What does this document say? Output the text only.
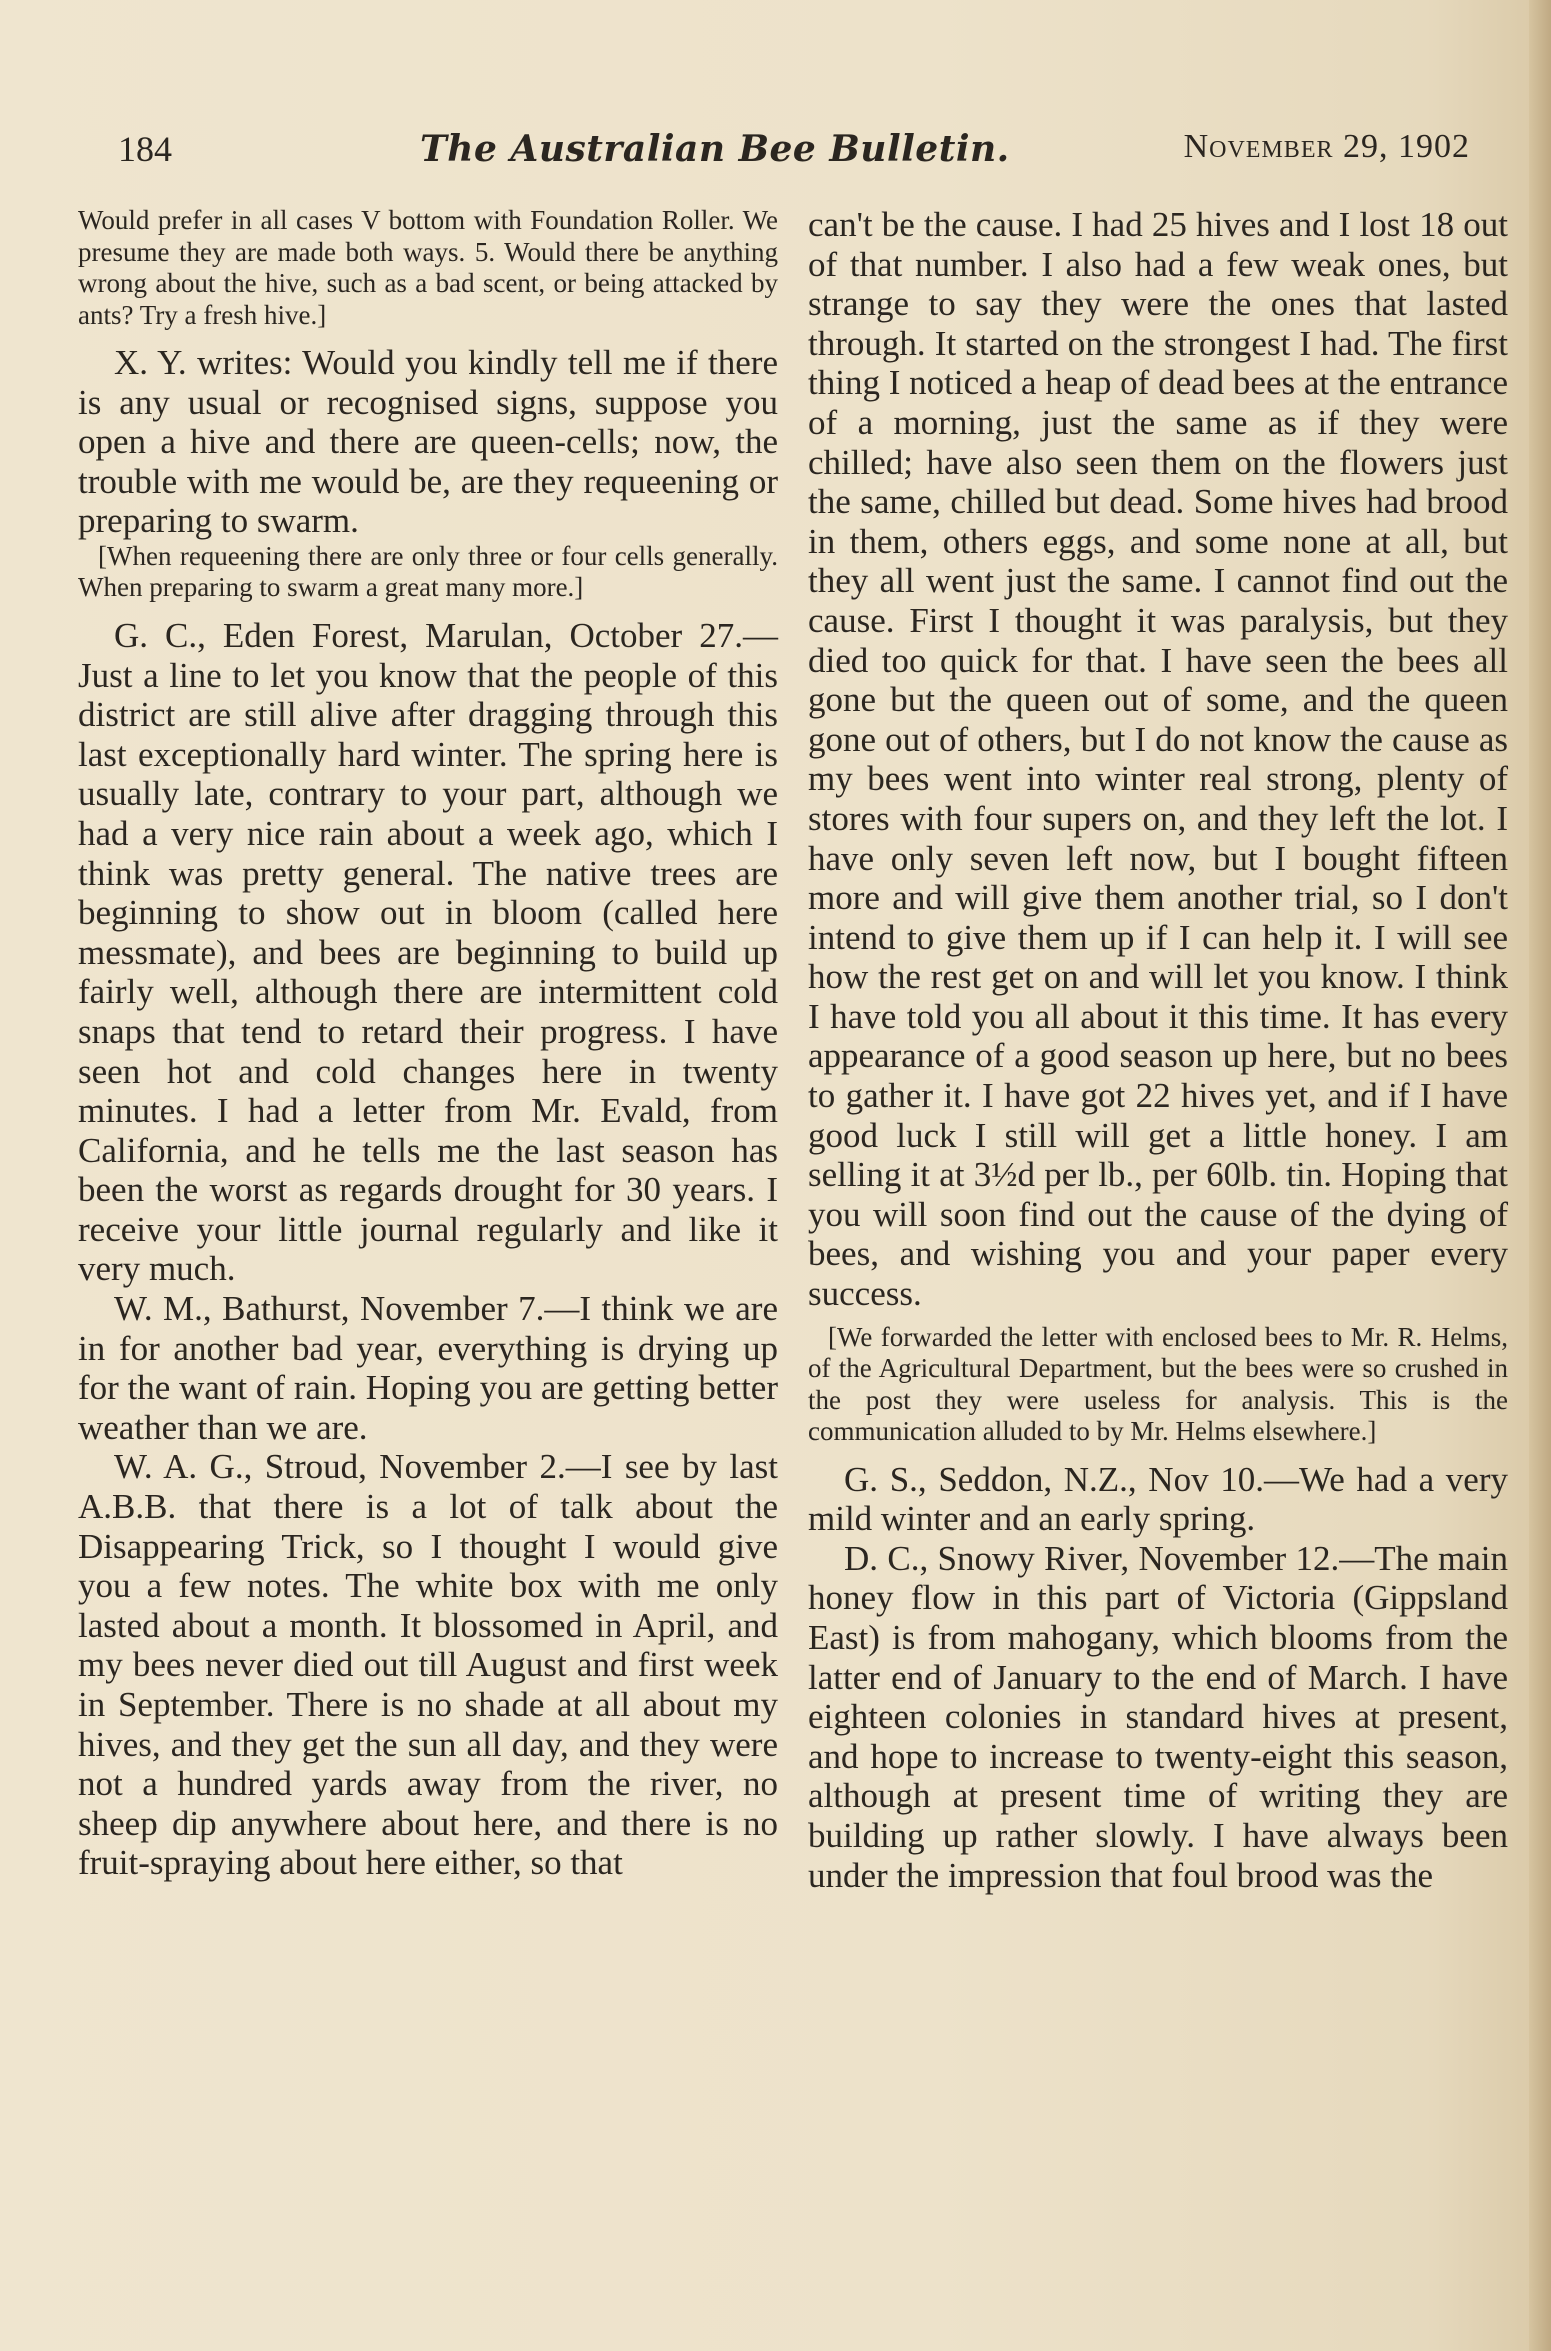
184	The Australian Bee Bulletin.	November 29, 1902

Would prefer in all cases V bottom with Foundation Roller. We presume they are made both ways. 5. Would there be anything wrong about the hive, such as a bad scent, or being attacked by ants? Try a fresh hive.]

X. Y. writes: Would you kindly tell me if there is any usual or recognised signs, suppose you open a hive and there are queen-cells; now, the trouble with me would be, are they requeening or preparing to swarm.

[When requeening there are only three or four cells generally. When preparing to swarm a great many more.]

G. C., Eden Forest, Marulan, October 27.—Just a line to let you know that the people of this district are still alive after dragging through this last exceptionally hard winter. The spring here is usually late, contrary to your part, although we had a very nice rain about a week ago, which I think was pretty general. The native trees are beginning to show out in bloom (called here messmate), and bees are beginning to build up fairly well, although there are intermittent cold snaps that tend to retard their progress. I have seen hot and cold changes here in twenty minutes. I had a letter from Mr. Evald, from California, and he tells me the last season has been the worst as regards drought for 30 years. I receive your little journal regularly and like it very much.

W. M., Bathurst, November 7.—I think we are in for another bad year, everything is drying up for the want of rain. Hoping you are getting better weather than we are.

W. A. G., Stroud, November 2.—I see by last A.B.B. that there is a lot of talk about the Disappearing Trick, so I thought I would give you a few notes. The white box with me only lasted about a month. It blossomed in April, and my bees never died out till August and first week in September. There is no shade at all about my hives, and they get the sun all day, and they were not a hundred yards away from the river, no sheep dip anywhere about here, and there is no fruit-spraying about here either, so that

can't be the cause. I had 25 hives and I lost 18 out of that number. I also had a few weak ones, but strange to say they were the ones that lasted through. It started on the strongest I had. The first thing I noticed a heap of dead bees at the entrance of a morning, just the same as if they were chilled; have also seen them on the flowers just the same, chilled but dead. Some hives had brood in them, others eggs, and some none at all, but they all went just the same. I cannot find out the cause. First I thought it was paralysis, but they died too quick for that. I have seen the bees all gone but the queen out of some, and the queen gone out of others, but I do not know the cause as my bees went into winter real strong, plenty of stores with four supers on, and they left the lot. I have only seven left now, but I bought fifteen more and will give them another trial, so I don't intend to give them up if I can help it. I will see how the rest get on and will let you know. I think I have told you all about it this time. It has every appearance of a good season up here, but no bees to gather it. I have got 22 hives yet, and if I have good luck I still will get a little honey. I am selling it at 3½d per lb., per 60lb. tin. Hoping that you will soon find out the cause of the dying of bees, and wishing you and your paper every success.

[We forwarded the letter with enclosed bees to Mr. R. Helms, of the Agricultural Department, but the bees were so crushed in the post they were useless for analysis. This is the communication alluded to by Mr. Helms elsewhere.]

G. S., Seddon, N.Z., Nov 10.—We had a very mild winter and an early spring.

D. C., Snowy River, November 12.—The main honey flow in this part of Victoria (Gippsland East) is from mahogany, which blooms from the latter end of January to the end of March. I have eighteen colonies in standard hives at present, and hope to increase to twenty-eight this season, although at present time of writing they are building up rather slowly. I have always been under the impression that foul brood was the
